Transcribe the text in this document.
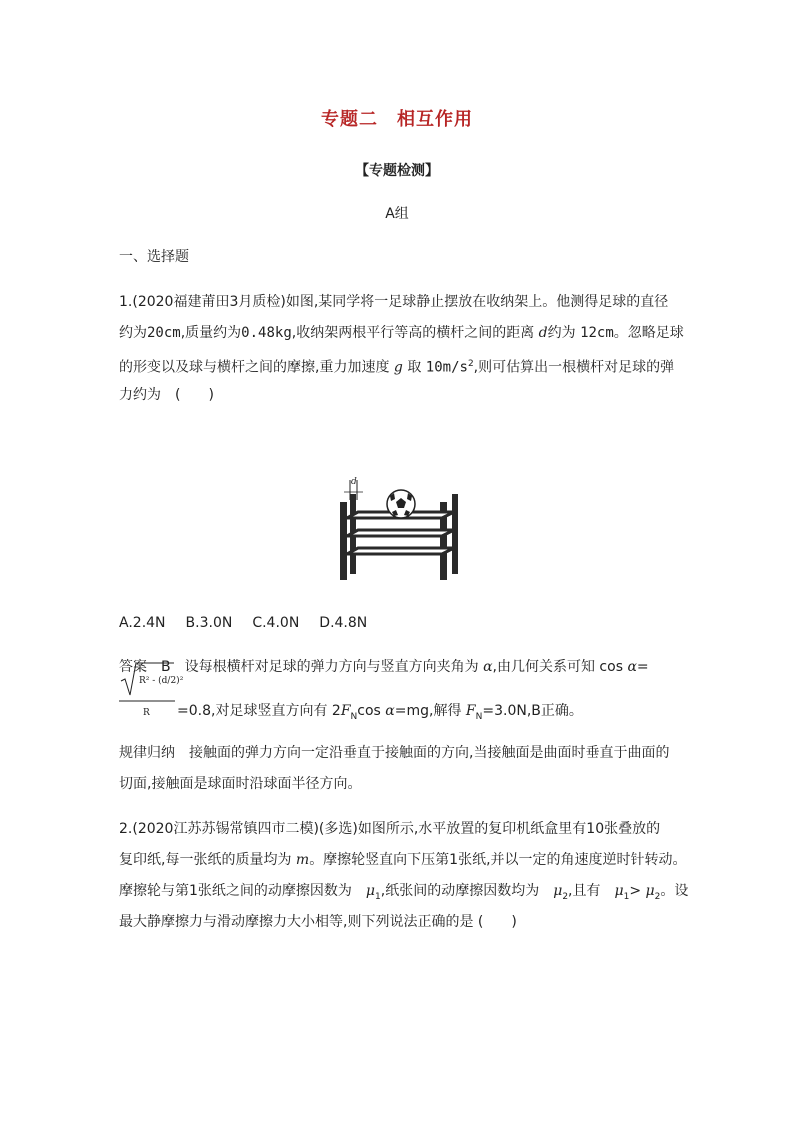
专题二　相互作用
【专题检测】
A组
一、选择题
1.(2020福建莆田3月质检)如图,某同学将一足球静止摆放在收纳架上。他测得足球的直径
约为20cm,质量约为0.48kg,收纳架两根平行等高的横杆之间的距离 d约为 12cm。忽略足球
的形变以及球与横杆之间的摩擦,重力加速度 g 取 $10m/s^2$,则可估算出一根横杆对足球的弹
力约为　(　　)
d
A.2.4N B.3.0N C.4.0N D.4.8N
答案　B　设每根横杆对足球的弹力方向与竖直方向夹角为 α,由几何关系可知 cos α=
R² - (d/2)²
R =0.8,对足球竖直方向有 $2F_N\cos$ α=mg,解得 $F_N=3.0N,B$正确。
规律归纳　接触面的弹力方向一定沿垂直于接触面的方向,当接触面是曲面时垂直于曲面的
切面,接触面是球面时沿球面半径方向。
2.(2020江苏苏锡常镇四市二模)(多选)如图所示,水平放置的复印机纸盒里有10张叠放的
复印纸,每一张纸的质量均为 m。摩擦轮竖直向下压第1张纸,并以一定的角速度逆时针转动。
摩擦轮与第1张纸之间的动摩擦因数为　$\mu_1$,纸张间的动摩擦因数均为　$\mu_2$,且有　$\mu_1> \mu_2$。设
最大静摩擦力与滑动摩擦力大小相等,则下列说法正确的是 (　　)
